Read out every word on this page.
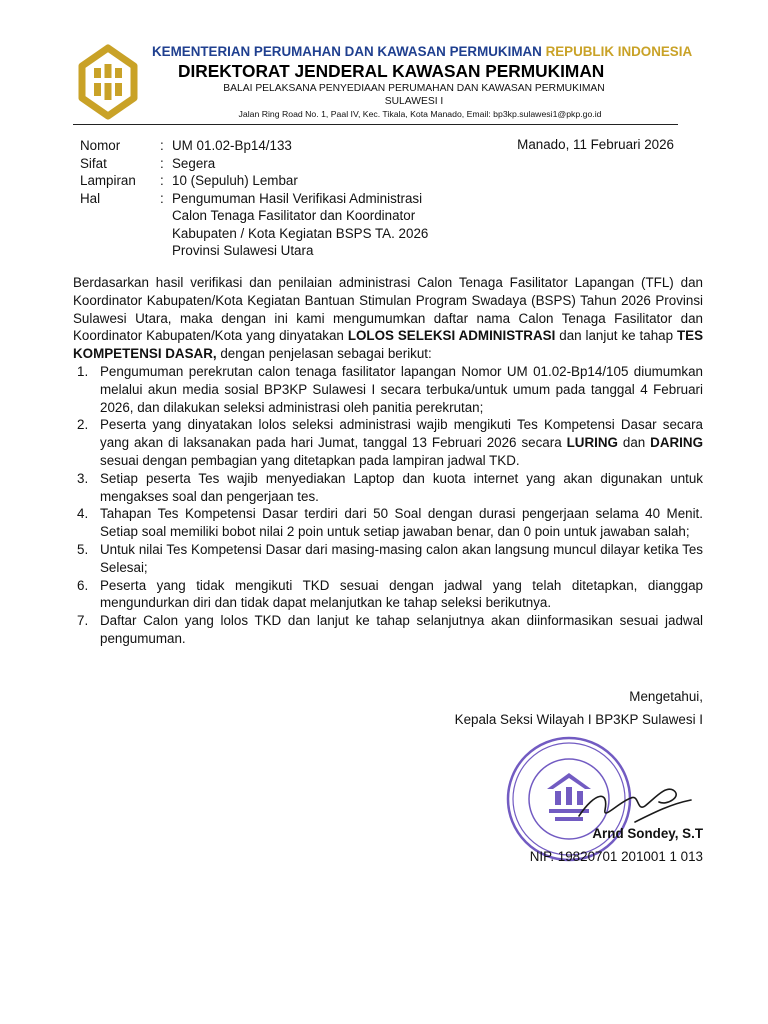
KEMENTERIAN PERUMAHAN DAN KAWASAN PERMUKIMAN REPUBLIK INDONESIA
DIREKTORAT JENDERAL KAWASAN PERMUKIMAN
BALAI PELAKSANA PENYEDIAAN PERUMAHAN DAN KAWASAN PERMUKIMAN
SULAWESI I
Jalan Ring Road No. 1, Paal IV, Kec. Tikala, Kota Manado, Email: bp3kp.sulawesi1@pkp.go.id
Nomor	: UM 01.02-Bp14/133
Sifat	: Segera
Lampiran	: 10 (Sepuluh) Lembar
Hal	: Pengumuman Hasil Verifikasi Administrasi
Calon Tenaga Fasilitator dan Koordinator
Kabupaten / Kota Kegiatan BSPS TA. 2026
Provinsi Sulawesi Utara
Manado, 11 Februari 2026

Berdasarkan hasil verifikasi dan penilaian administrasi Calon Tenaga Fasilitator Lapangan (TFL) dan Koordinator Kabupaten/Kota Kegiatan Bantuan Stimulan Program Swadaya (BSPS) Tahun 2026 Provinsi Sulawesi Utara, maka dengan ini kami mengumumkan daftar nama Calon Tenaga Fasilitator dan Koordinator Kabupaten/Kota yang dinyatakan LOLOS SELEKSI ADMINISTRASI dan lanjut ke tahap TES KOMPETENSI DASAR, dengan penjelasan sebagai berikut:

1. Pengumuman perekrutan calon tenaga fasilitator lapangan Nomor UM 01.02-Bp14/105 diumumkan melalui akun media sosial BP3KP Sulawesi I secara terbuka/untuk umum pada tanggal 4 Februari 2026, dan dilakukan seleksi administrasi oleh panitia perekrutan;
2. Peserta yang dinyatakan lolos seleksi administrasi wajib mengikuti Tes Kompetensi Dasar secara yang akan di laksanakan pada hari Jumat, tanggal 13 Februari 2026 secara LURING dan DARING sesuai dengan pembagian yang ditetapkan pada lampiran jadwal TKD.
3. Setiap peserta Tes wajib menyediakan Laptop dan kuota internet yang akan digunakan untuk mengakses soal dan pengerjaan tes.
4. Tahapan Tes Kompetensi Dasar terdiri dari 50 Soal dengan durasi pengerjaan selama 40 Menit. Setiap soal memiliki bobot nilai 2 poin untuk setiap jawaban benar, dan 0 poin untuk jawaban salah;
5. Untuk nilai Tes Kompetensi Dasar dari masing-masing calon akan langsung muncul dilayar ketika Tes Selesai;
6. Peserta yang tidak mengikuti TKD sesuai dengan jadwal yang telah ditetapkan, dianggap mengundurkan diri dan tidak dapat melanjutkan ke tahap seleksi berikutnya.
7. Daftar Calon yang lolos TKD dan lanjut ke tahap selanjutnya akan diinformasikan sesuai jadwal pengumuman.
Mengetahui,
Kepala Seksi Wilayah I BP3KP Sulawesi I
Arnd Sondey, S.T
NIP. 19820701 201001 1 013
